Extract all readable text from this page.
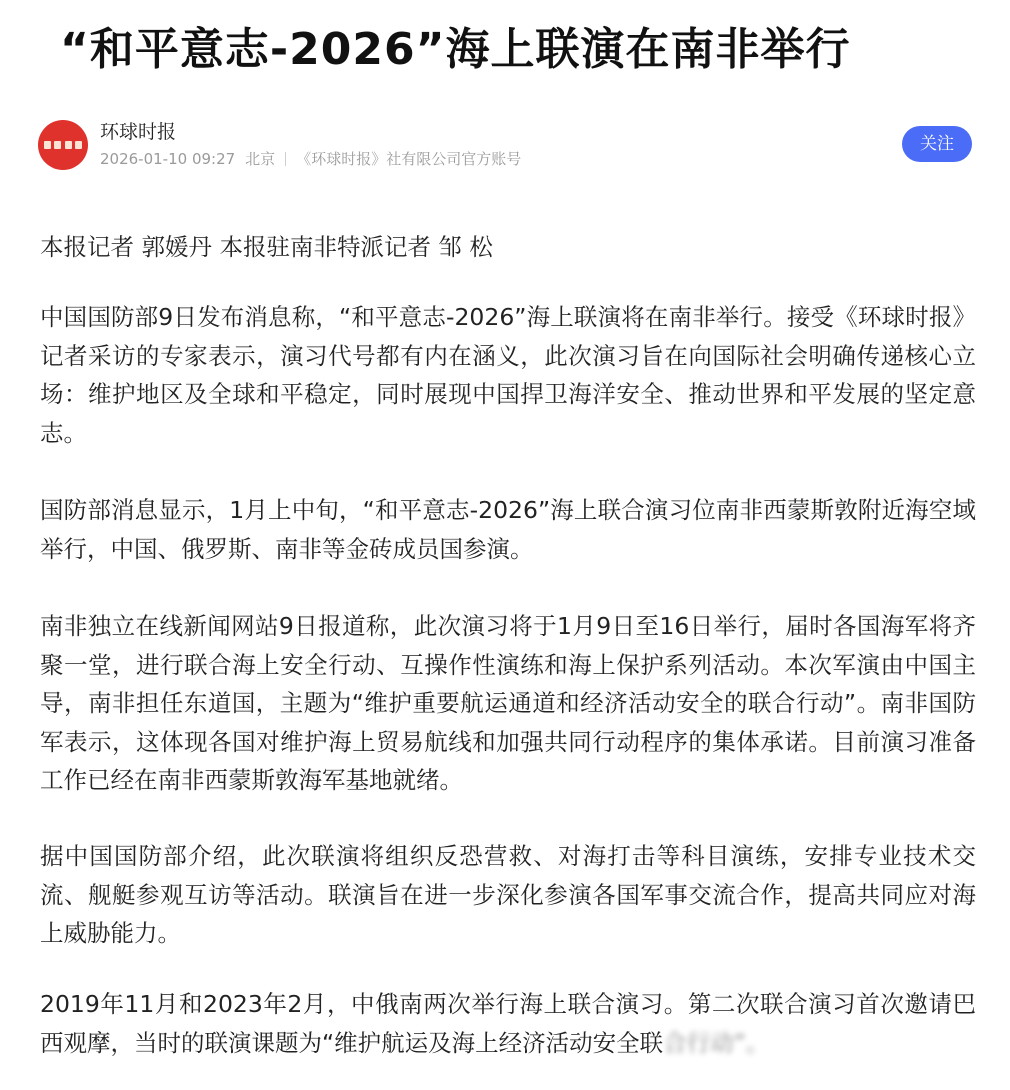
“和平意志-2026”海上联演在南非举行
环球时报
2026-01-10 09:27 北京 《环球时报》社有限公司官方账号
关注

本报记者 郭媛丹 本报驻南非特派记者 邹 松

中国国防部9日发布消息称，“和平意志-2026”海上联演将在南非举行。接受《环球时报》记者采访的专家表示，演习代号都有内在涵义，此次演习旨在向国际社会明确传递核心立场：维护地区及全球和平稳定，同时展现中国捍卫海洋安全、推动世界和平发展的坚定意志。

国防部消息显示，1月上中旬，“和平意志-2026”海上联合演习位南非西蒙斯敦附近海空域举行，中国、俄罗斯、南非等金砖成员国参演。

南非独立在线新闻网站9日报道称，此次演习将于1月9日至16日举行，届时各国海军将齐聚一堂，进行联合海上安全行动、互操作性演练和海上保护系列活动。本次军演由中国主导，南非担任东道国，主题为“维护重要航运通道和经济活动安全的联合行动”。南非国防军表示，这体现各国对维护海上贸易航线和加强共同行动程序的集体承诺。目前演习准备工作已经在南非西蒙斯敦海军基地就绪。

据中国国防部介绍，此次联演将组织反恐营救、对海打击等科目演练，安排专业技术交流、舰艇参观互访等活动。联演旨在进一步深化参演各国军事交流合作，提高共同应对海上威胁能力。

2019年11月和2023年2月，中俄南两次举行海上联合演习。第二次联合演习首次邀请巴西观摩，当时的联演课题为“维护航运及海上经济活动安全联合行动”。
